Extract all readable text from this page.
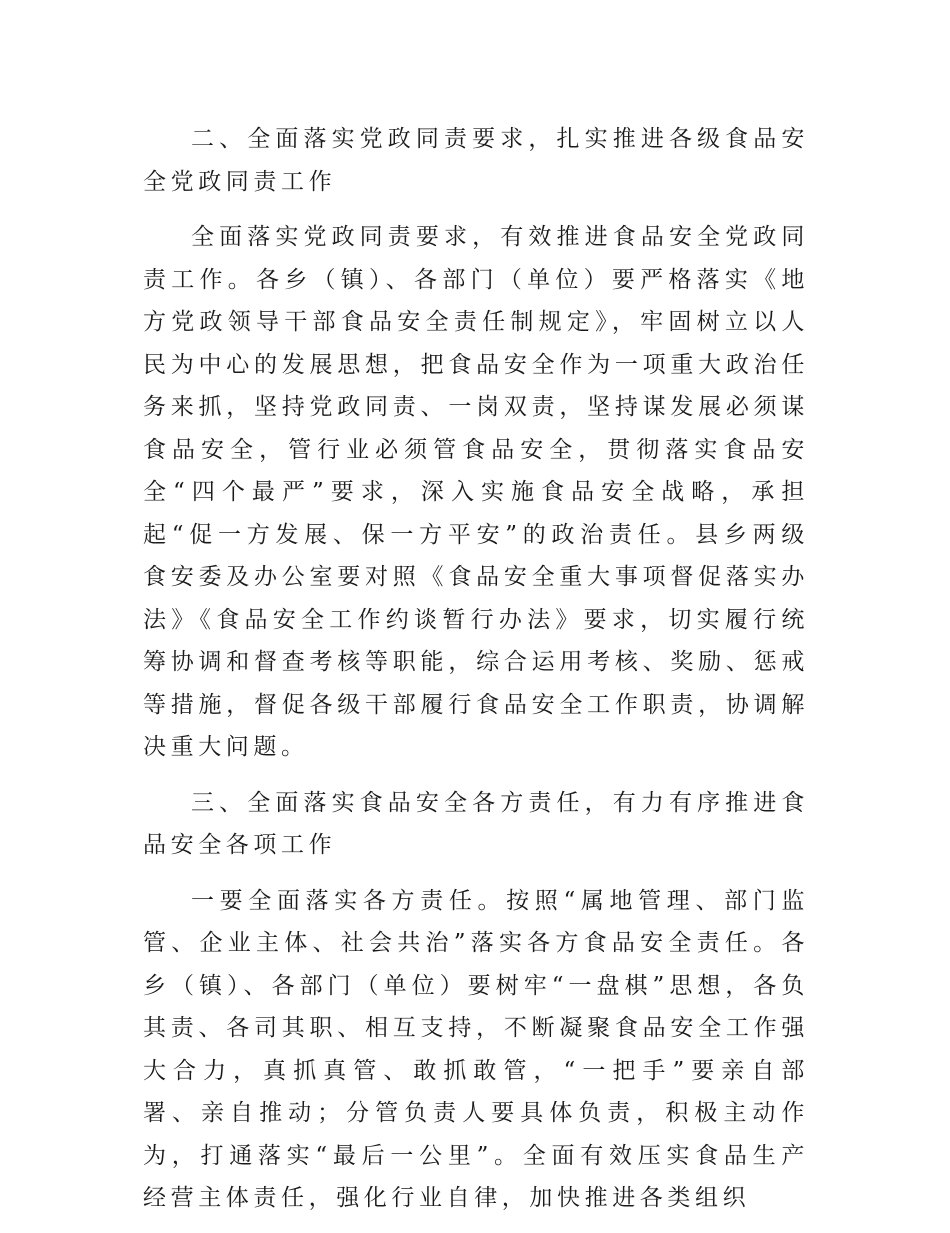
二、全面落实党政同责要求，扎实推进各级食品安全党政同责工作

全面落实党政同责要求，有效推进食品安全党政同责工作。各乡（镇）、各部门（单位）要严格落实《地方党政领导干部食品安全责任制规定》，牢固树立以人民为中心的发展思想，把食品安全作为一项重大政治任务来抓，坚持党政同责、一岗双责，坚持谋发展必须谋食品安全，管行业必须管食品安全，贯彻落实食品安全“四个最严”要求，深入实施食品安全战略，承担起“促一方发展、保一方平安”的政治责任。县乡两级食安委及办公室要对照《食品安全重大事项督促落实办法》《食品安全工作约谈暂行办法》要求，切实履行统筹协调和督查考核等职能，综合运用考核、奖励、惩戒等措施，督促各级干部履行食品安全工作职责，协调解决重大问题。

三、全面落实食品安全各方责任，有力有序推进食品安全各项工作

一要全面落实各方责任。按照“属地管理、部门监管、企业主体、社会共治”落实各方食品安全责任。各乡（镇）、各部门（单位）要树牢“一盘棋”思想，各负其责、各司其职、相互支持，不断凝聚食品安全工作强大合力，真抓真管、敢抓敢管，“一把手”要亲自部署、亲自推动；分管负责人要具体负责，积极主动作为，打通落实“最后一公里”。全面有效压实食品生产经营主体责任，强化行业自律，加快推进各类组织
